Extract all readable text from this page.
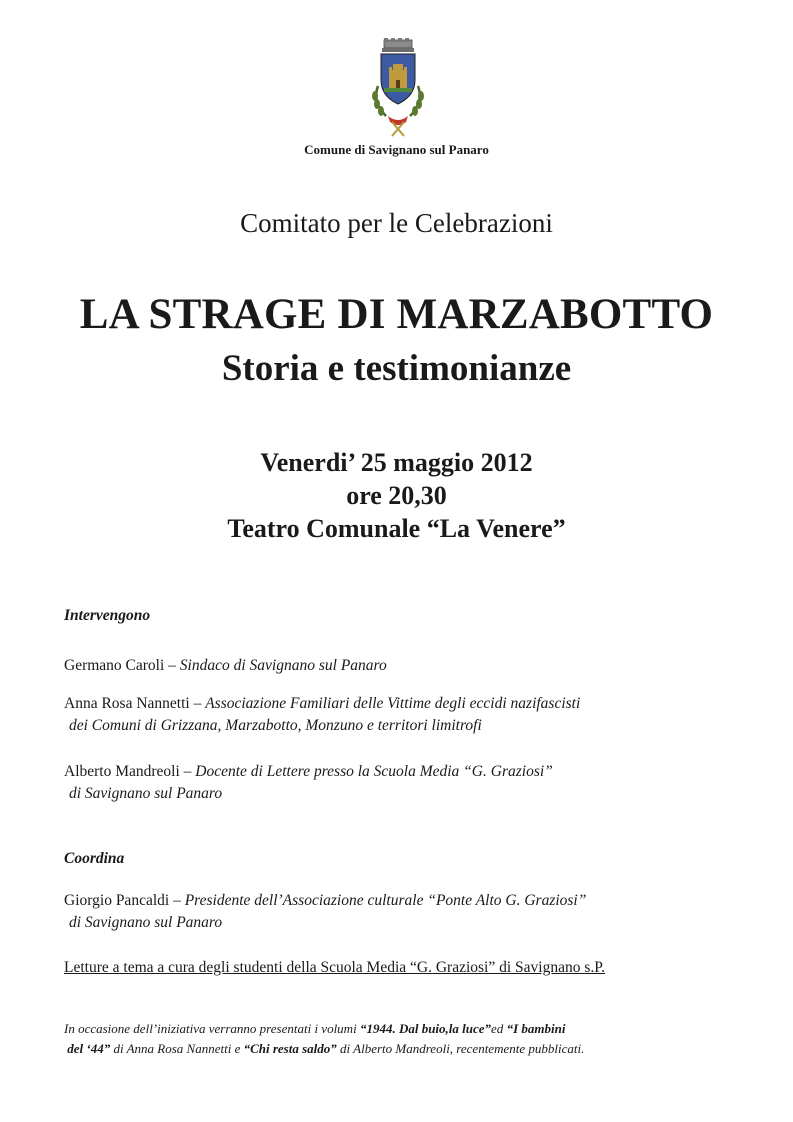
Comune di Savignano sul Panaro
Comitato per le Celebrazioni
LA STRAGE DI MARZABOTTO
Storia e testimonianze
Venerdi’ 25 maggio 2012
ore 20,30
Teatro Comunale “La Venere”
Intervengono
Germano Caroli – Sindaco di Savignano sul Panaro
Anna Rosa Nannetti – Associazione Familiari delle Vittime degli eccidi nazifascisti
dei Comuni di Grizzana, Marzabotto, Monzuno e territori limitrofi
Alberto Mandreoli – Docente di Lettere presso la Scuola Media “G. Graziosi”
di Savignano sul Panaro
Coordina
Giorgio Pancaldi – Presidente dell’Associazione culturale “Ponte Alto G. Graziosi”
di Savignano sul Panaro
Letture a tema a cura degli studenti della Scuola Media “G. Graziosi” di Savignano s.P.
In occasione dell’iniziativa verranno presentati i volumi “1944. Dal buio,la luce”ed “I bambini
del ‘44” di Anna Rosa Nannetti e “Chi resta saldo” di Alberto Mandreoli, recentemente pubblicati.
